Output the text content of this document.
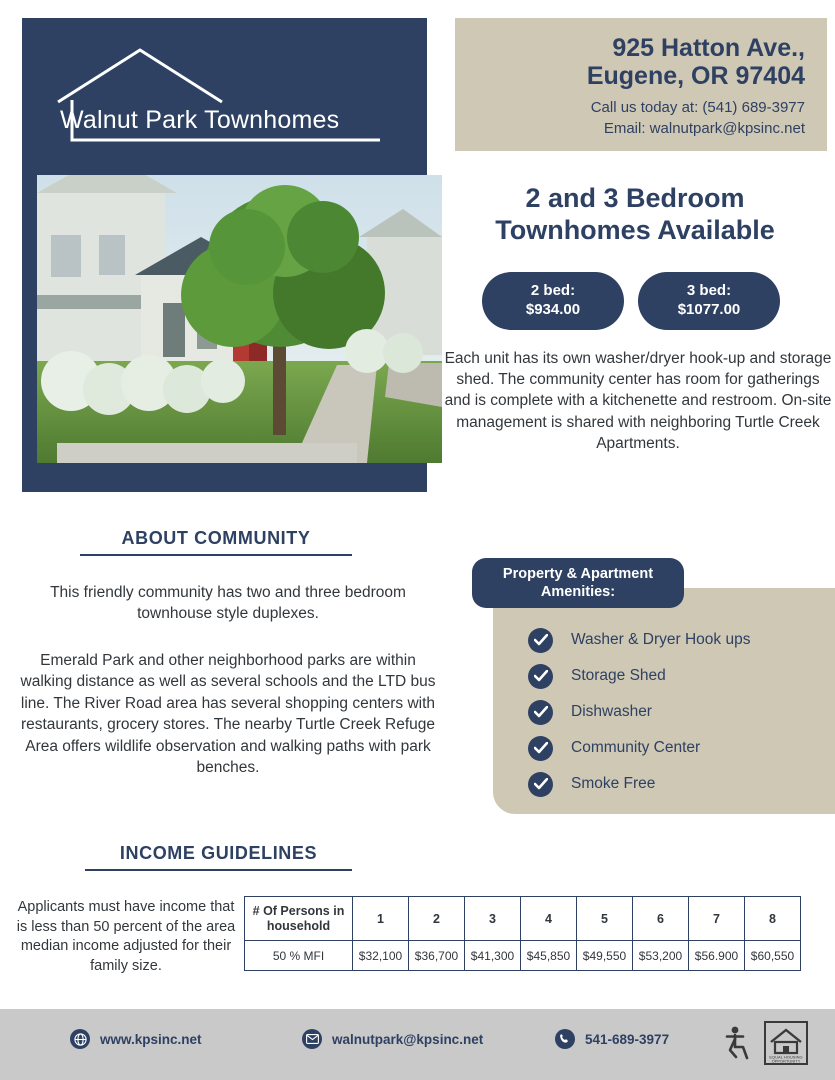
Walnut Park Townhomes
925 Hatton Ave.,
Eugene, OR 97404
Call us today at: (541) 689-3977
Email: walnutpark@kpsinc.net
2 and 3 Bedroom
Townhomes Available
2 bed:
$934.00
3 bed:
$1077.00
Each unit has its own washer/dryer hook-up and storage shed. The community center has room for gatherings and is complete with a kitchenette and restroom. On-site management is shared with neighboring Turtle Creek Apartments.
ABOUT COMMUNITY
This friendly community has two and three bedroom townhouse style duplexes.
Emerald Park and other neighborhood parks are within walking distance as well as several schools and the LTD bus line. The River Road area has several shopping centers with restaurants, grocery stores. The nearby Turtle Creek Refuge Area offers wildlife observation and walking paths with park benches.
Property & Apartment Amenities:
Washer & Dryer Hook ups
Storage Shed
Dishwasher
Community Center
Smoke Free
INCOME GUIDELINES
Applicants must have income that is less than 50 percent of the area median income adjusted for their family size.
# Of Persons in household	1	2	3	4	5	6	7	8
50 % MFI	$32,100	$36,700	$41,300	$45,850	$49,550	$53,200	$56.900	$60,550
www.kpsinc.net	walnutpark@kpsinc.net	541-689-3977
EQUAL HOUSING
OPPORTUNITY
